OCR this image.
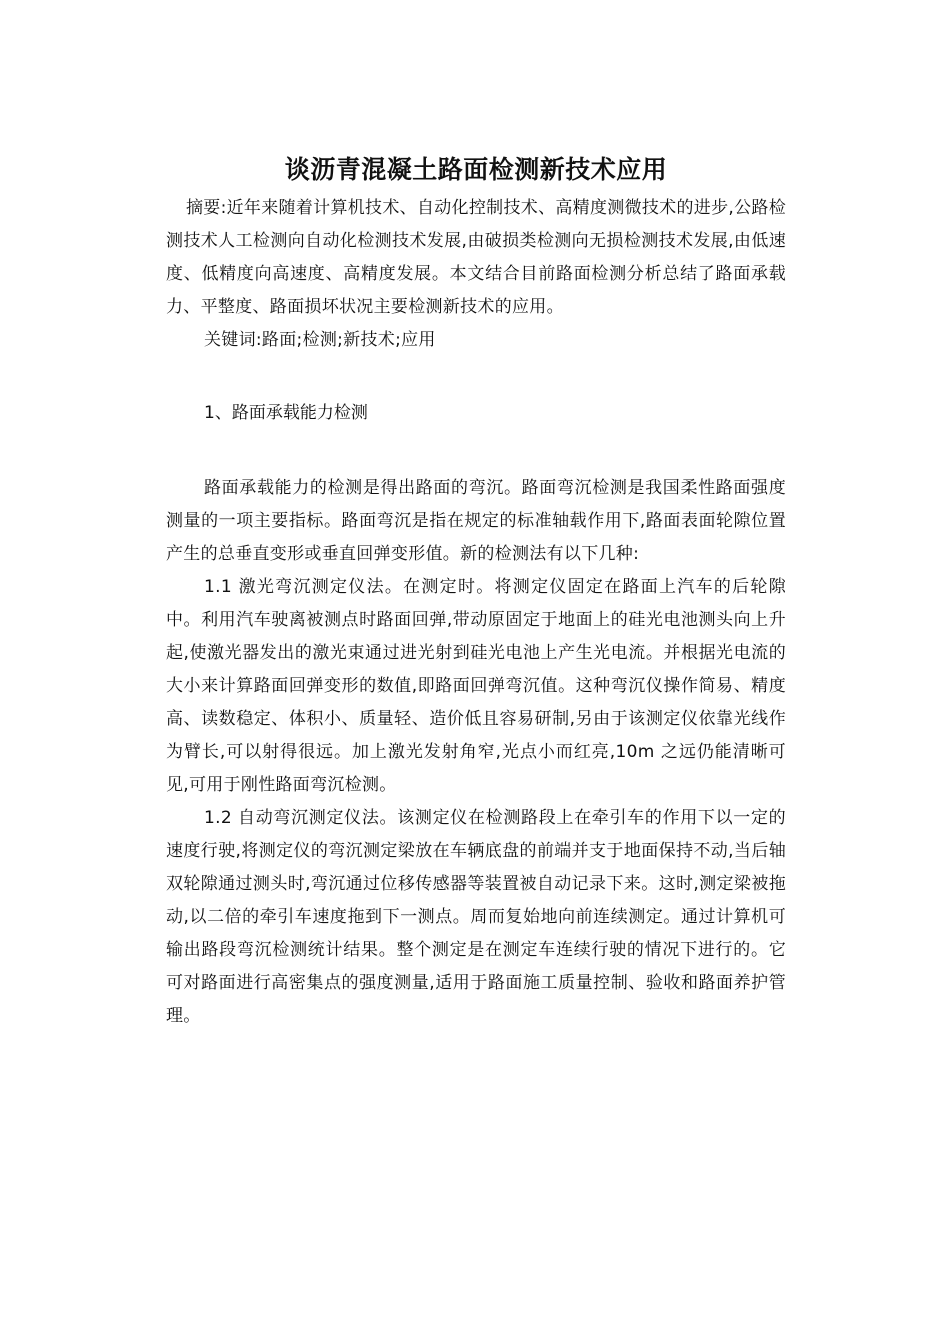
谈沥青混凝土路面检测新技术应用

摘要:近年来随着计算机技术、自动化控制技术、高精度测微技术的进步,公路检测技术人工检测向自动化检测技术发展,由破损类检测向无损检测技术发展,由低速度、低精度向高速度、高精度发展。本文结合目前路面检测分析总结了路面承载力、平整度、路面损坏状况主要检测新技术的应用。

关键词:路面;检测;新技术;应用

1、路面承载能力检测

路面承载能力的检测是得出路面的弯沉。路面弯沉检测是我国柔性路面强度测量的一项主要指标。路面弯沉是指在规定的标准轴载作用下,路面表面轮隙位置产生的总垂直变形或垂直回弹变形值。新的检测法有以下几种:

1.1 激光弯沉测定仪法。在测定时。将测定仪固定在路面上汽车的后轮隙中。利用汽车驶离被测点时路面回弹,带动原固定于地面上的硅光电池测头向上升起,使激光器发出的激光束通过进光射到硅光电池上产生光电流。并根据光电流的大小来计算路面回弹变形的数值,即路面回弹弯沉值。这种弯沉仪操作简易、精度高、读数稳定、体积小、质量轻、造价低且容易研制,另由于该测定仪依靠光线作为臂长,可以射得很远。加上激光发射角窄,光点小而红亮,10m 之远仍能清晰可见,可用于刚性路面弯沉检测。

1.2 自动弯沉测定仪法。该测定仪在检测路段上在牵引车的作用下以一定的速度行驶,将测定仪的弯沉测定梁放在车辆底盘的前端并支于地面保持不动,当后轴双轮隙通过测头时,弯沉通过位移传感器等装置被自动记录下来。这时,测定梁被拖动,以二倍的牵引车速度拖到下一测点。周而复始地向前连续测定。通过计算机可输出路段弯沉检测统计结果。整个测定是在测定车连续行驶的情况下进行的。它可对路面进行高密集点的强度测量,适用于路面施工质量控制、验收和路面养护管理。
